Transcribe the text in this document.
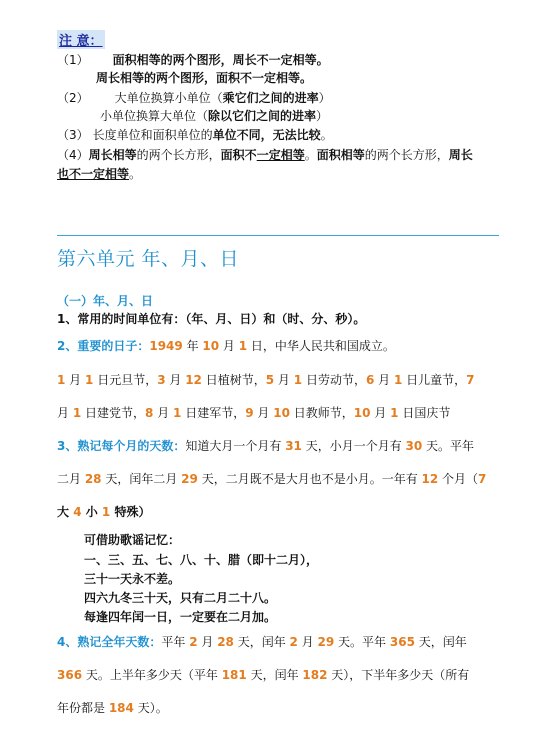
注 意：
（1） 面积相等的两个图形，周长不一定相等。
周长相等的两个图形，面积不一定相等。
（2） 大单位换算小单位（乘它们之间的进率）
小单位换算大单位（除以它们之间的进率）
（3） 长度单位和面积单位的单位不同，无法比较。
（4）周长相等的两个长方形，面积不一定相等。面积相等的两个长方形，周长
也不一定相等。
第六单元 年、月、日
（一）年、月、日
1、常用的时间单位有：（年、月、日）和（时、分、秒）。
2、重要的日子：1949 年 10 月 1 日，中华人民共和国成立。
1 月 1 日元旦节，3 月 12 日植树节，5 月 1 日劳动节，6 月 1 日儿童节，7
月 1 日建党节，8 月 1 日建军节，9 月 10 日教师节，10 月 1 日国庆节
3、熟记每个月的天数：知道大月一个月有 31 天，小月一个月有 30 天。平年
二月 28 天，闰年二月 29 天，二月既不是大月也不是小月。一年有 12 个月（7
大 4 小 1 特殊）
可借助歌谣记忆：
一、三、五、七、八、十、腊（即十二月），
三十一天永不差。
四六九冬三十天，只有二月二十八。
每逢四年闰一日，一定要在二月加。
4、熟记全年天数：平年 2 月 28 天，闰年 2 月 29 天。平年 365 天，闰年
366 天。上半年多少天（平年 181 天，闰年 182 天），下半年多少天（所有
年份都是 184 天）。
